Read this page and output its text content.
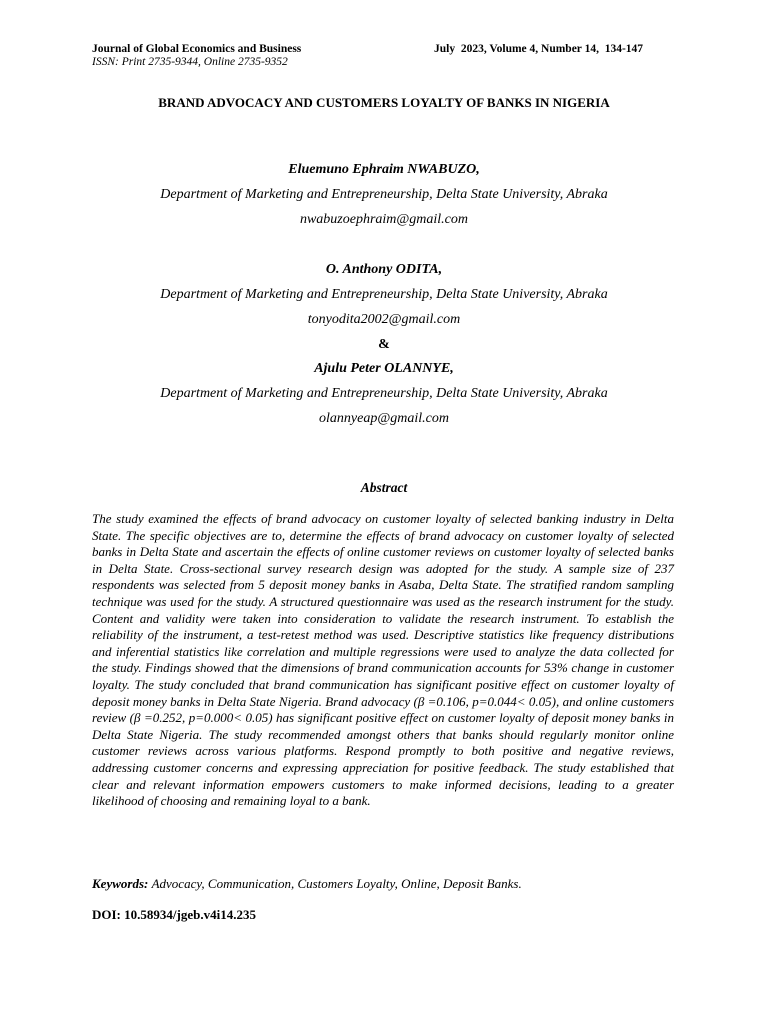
Journal of Global Economics and Business
ISSN: Print 2735-9344, Online 2735-9352
July  2023, Volume 4, Number 14,  134-147
BRAND ADVOCACY AND CUSTOMERS LOYALTY OF BANKS IN NIGERIA
Eluemuno Ephraim NWABUZO,
Department of Marketing and Entrepreneurship, Delta State University, Abraka
nwabuzoephraim@gmail.com
O. Anthony ODITA,
Department of Marketing and Entrepreneurship, Delta State University, Abraka
tonyodita2002@gmail.com
&
Ajulu Peter OLANNYE,
Department of Marketing and Entrepreneurship, Delta State University, Abraka
olannyeap@gmail.com
Abstract
The study examined the effects of brand advocacy on customer loyalty of selected banking industry in Delta State. The specific objectives are to, determine the effects of brand advocacy on customer loyalty of selected banks in Delta State and ascertain the effects of online customer reviews on customer loyalty of selected banks in Delta State. Cross-sectional survey research design was adopted for the study. A sample size of 237 respondents was selected from 5 deposit money banks in Asaba, Delta State. The stratified random sampling technique was used for the study. A structured questionnaire was used as the research instrument for the study. Content and validity were taken into consideration to validate the research instrument. To establish the reliability of the instrument, a test-retest method was used. Descriptive statistics like frequency distributions and inferential statistics like correlation and multiple regressions were used to analyze the data collected for the study. Findings showed that the dimensions of brand communication accounts for 53% change in customer loyalty. The study concluded that brand communication has significant positive effect on customer loyalty of deposit money banks in Delta State Nigeria. Brand advocacy (β =0.106, p=0.044< 0.05), and online customers review (β =0.252, p=0.000< 0.05) has significant positive effect on customer loyalty of deposit money banks in Delta State Nigeria. The study recommended amongst others that banks should regularly monitor online customer reviews across various platforms. Respond promptly to both positive and negative reviews, addressing customer concerns and expressing appreciation for positive feedback. The study established that clear and relevant information empowers customers to make informed decisions, leading to a greater likelihood of choosing and remaining loyal to a bank.
Keywords: Advocacy, Communication, Customers Loyalty, Online, Deposit Banks.
DOI: 10.58934/jgeb.v4i14.235
